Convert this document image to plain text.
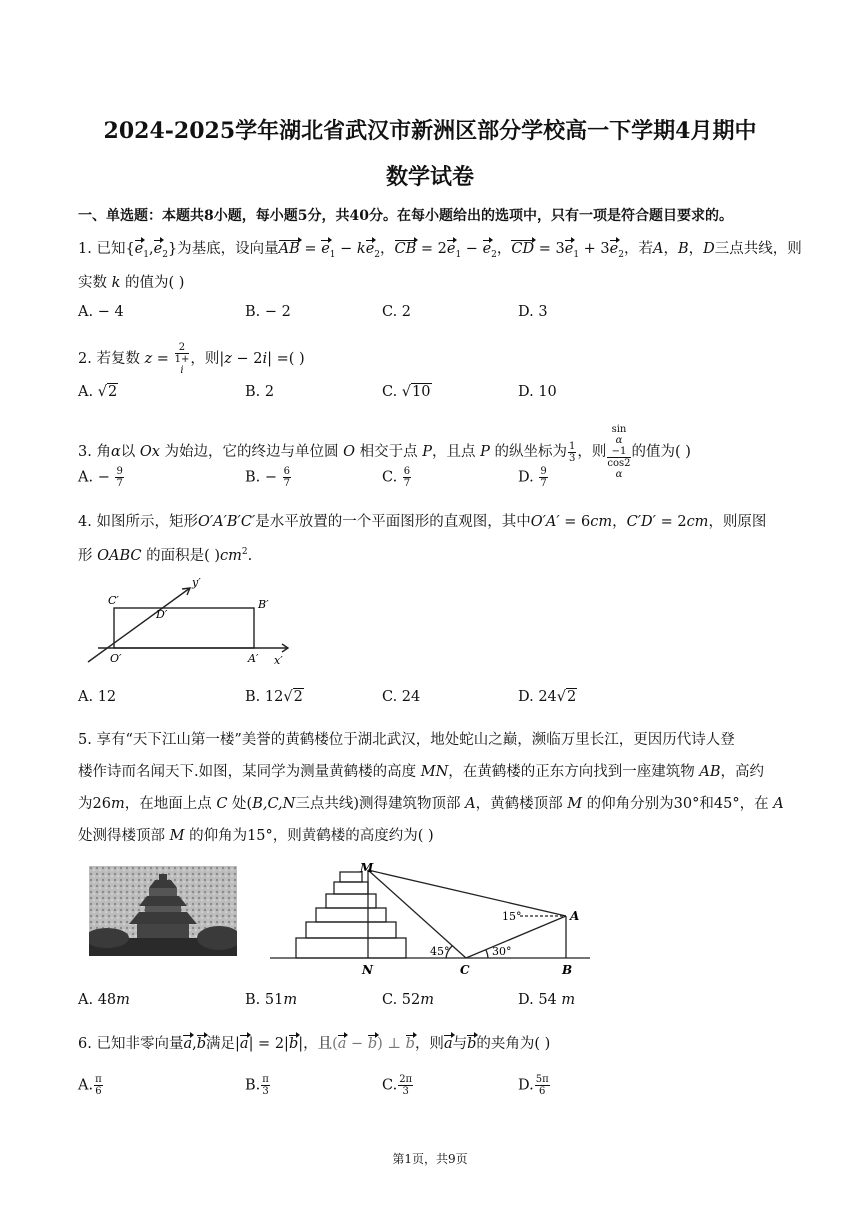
2024-2025学年湖北省武汉市新洲区部分学校高一下学期4月期中
数学试卷
一、单选题：本题共8小题，每小题5分，共40分。在每小题给出的选项中，只有一项是符合题目要求的。
1. 已知$\{e_1,e_2\}$为基底，设向量AB = $e_1 - ke_2$，CB = $2e_1 - e_2$，CD = $3e_1 + 3e_2$，若A，B，D三点共线，则
实数 k 的值为( )
A. − 4	B. − 2	C. 2	D. 3
2. 若复数 z = 2
1+
i ，则|z − 2i| =( )
A. √2	B. 2	C. √10	D. 10
3. 角α以 Ox 为始边，它的终边与单位圆 O 相交于点 P，且点 P 的纵坐标为 $\frac{1}{3}$ ，则 sin
α
−1
cos2
α 的值为( )
A. − $\frac{9}{7}$	B. − $\frac{6}{7}$	C. $\frac{6}{7}$	D. $\frac{9}{7}$
4. 如图所示，矩形O′A′B′C′是水平放置的一个平面图形的直观图，其中O′A′ = 6cm，C′D′ = 2cm，则原图
形 OABC 的面积是( )$cm^2$.
C′
D′
B′
y′
O′	A′ x′
A. 12	B. 12√2	C. 24	D. 24√2
5. 享有“天下江山第一楼”美誉的黄鹤楼位于湖北武汉，地处蛇山之巅，濒临万里长江，更因历代诗人登
楼作诗而名闻天下.如图，某同学为测量黄鹤楼的高度 MN，在黄鹤楼的正东方向找到一座建筑物 AB，高约
为26m，在地面上点 C 处(B,C,N三点共线)测得建筑物顶部 A，黄鹤楼顶部 M 的仰角分别为30°和45°，在 A
处测得楼顶部 M 的仰角为15°，则黄鹤楼的高度约为( )
M
15°	A
45°	30°
N	C	B
A. 48m	B. 51m	C. 52m	D. 54 m
6. 已知非零向量a,b满足|a| = 2|b|，且(a − b) ⊥ b，则a与b的夹角为( )
A. $\frac{\pi}{6}$	B. $\frac{\pi}{3}$	C. $\frac{2\pi}{3}$	D. $\frac{5\pi}{6}$
第1页，共9页
